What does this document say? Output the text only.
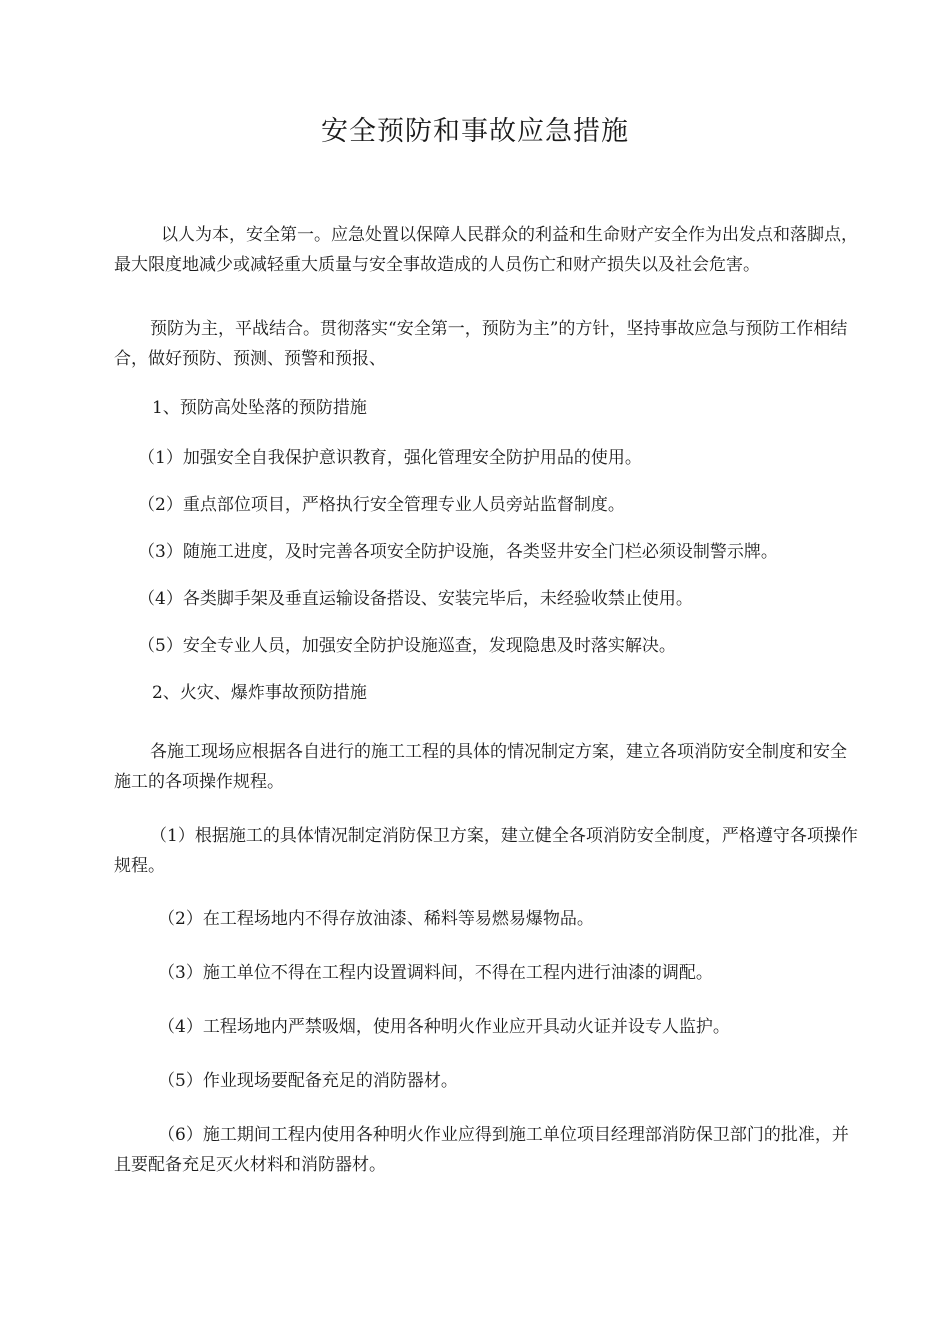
安全预防和事故应急措施

以人为本，安全第一。应急处置以保障人民群众的利益和生命财产安全作为出发点和落脚点，最大限度地减少或减轻重大质量与安全事故造成的人员伤亡和财产损失以及社会危害。

预防为主，平战结合。贯彻落实“安全第一，预防为主”的方针，坚持事故应急与预防工作相结合，做好预防、预测、预警和预报、

1、预防高处坠落的预防措施

（1）加强安全自我保护意识教育，强化管理安全防护用品的使用。

（2）重点部位项目，严格执行安全管理专业人员旁站监督制度。

（3）随施工进度，及时完善各项安全防护设施，各类竖井安全门栏必须设制警示牌。

（4）各类脚手架及垂直运输设备搭设、安装完毕后，未经验收禁止使用。

（5）安全专业人员，加强安全防护设施巡查，发现隐患及时落实解决。

2、火灾、爆炸事故预防措施

各施工现场应根据各自进行的施工工程的具体的情况制定方案，建立各项消防安全制度和安全施工的各项操作规程。

（1）根据施工的具体情况制定消防保卫方案，建立健全各项消防安全制度，严格遵守各项操作规程。

（2）在工程场地内不得存放油漆、稀料等易燃易爆物品。

（3）施工单位不得在工程内设置调料间，不得在工程内进行油漆的调配。

（4）工程场地内严禁吸烟，使用各种明火作业应开具动火证并设专人监护。

（5）作业现场要配备充足的消防器材。

（6）施工期间工程内使用各种明火作业应得到施工单位项目经理部消防保卫部门的批准，并且要配备充足灭火材料和消防器材。
